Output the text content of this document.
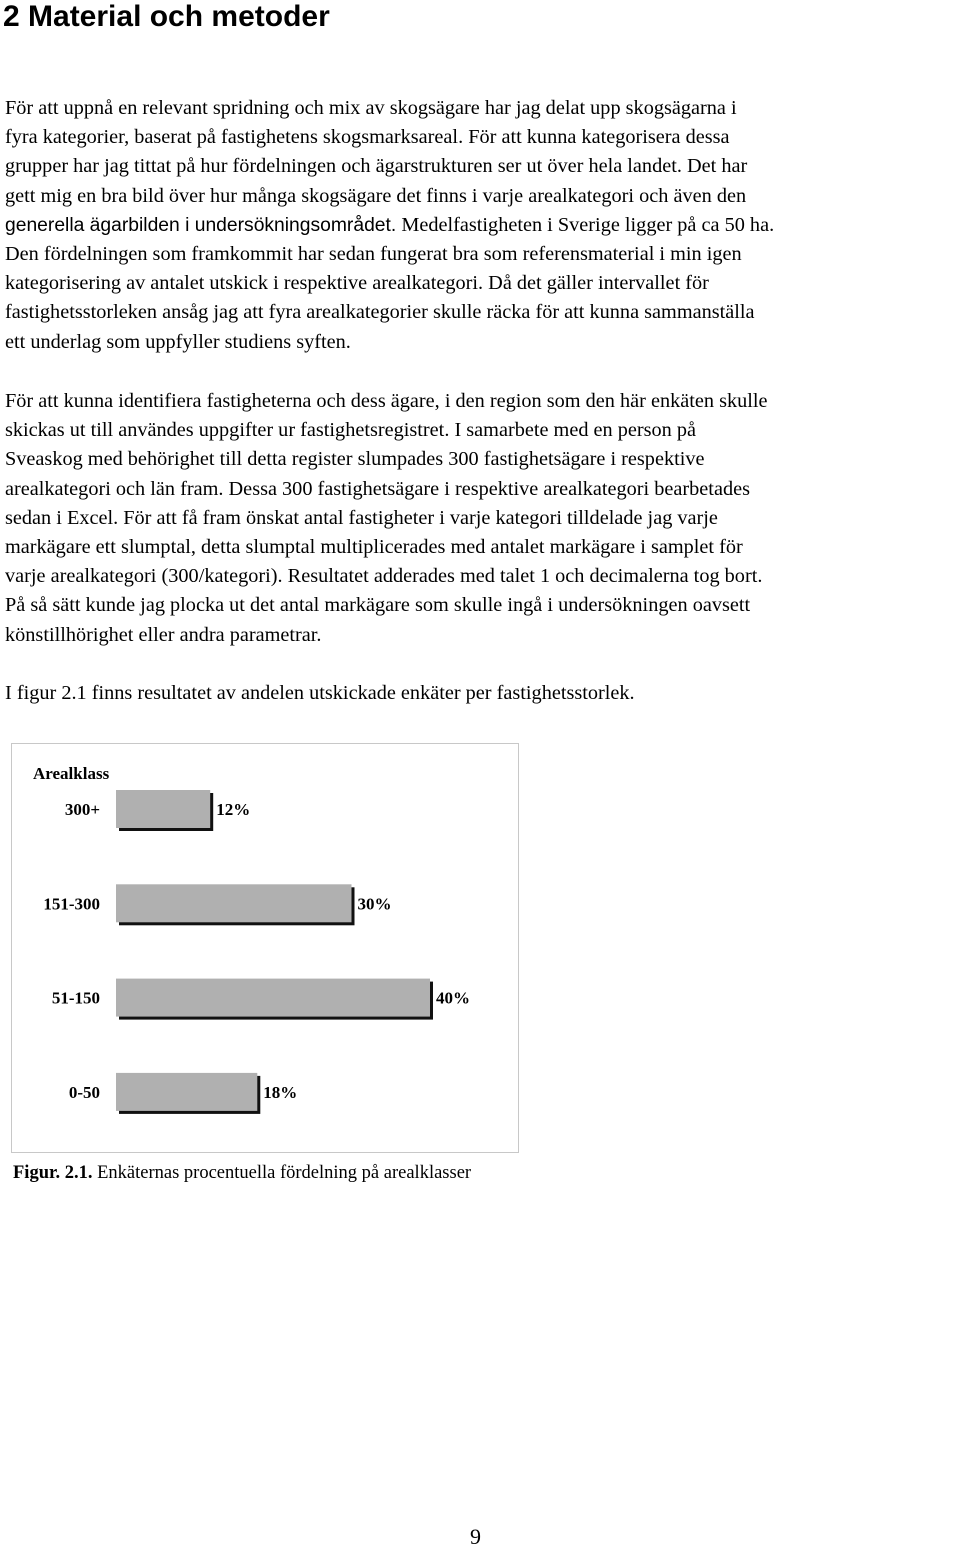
2 Material och metoder
För att uppnå en relevant spridning och mix av skogsägare har jag delat upp skogsägarna i
fyra kategorier, baserat på fastighetens skogsmarksareal. För att kunna kategorisera dessa
grupper har jag tittat på hur fördelningen och ägarstrukturen ser ut över hela landet. Det har
gett mig en bra bild över hur många skogsägare det finns i varje arealkategori och även den
generella ägarbilden i undersökningsområdet. Medelfastigheten i Sverige ligger på ca 50 ha.
Den fördelningen som framkommit har sedan fungerat bra som referensmaterial i min igen
kategorisering av antalet utskick i respektive arealkategori. Då det gäller intervallet för
fastighetsstorleken ansåg jag att fyra arealkategorier skulle räcka för att kunna sammanställa
ett underlag som uppfyller studiens syften.
För att kunna identifiera fastigheterna och dess ägare, i den region som den här enkäten skulle
skickas ut till användes uppgifter ur fastighetsregistret. I samarbete med en person på
Sveaskog med behörighet till detta register slumpades 300 fastighetsägare i respektive
arealkategori och län fram. Dessa 300 fastighetsägare i respektive arealkategori bearbetades
sedan i Excel. För att få fram önskat antal fastigheter i varje kategori tilldelade jag varje
markägare ett slumptal, detta slumptal multiplicerades med antalet markägare i samplet för
varje arealkategori (300/kategori). Resultatet adderades med talet 1 och decimalerna tog bort.
På så sätt kunde jag plocka ut det antal markägare som skulle ingå i undersökningen oavsett
könstillhörighet eller andra parametrar.
I figur 2.1 finns resultatet av andelen utskickade enkäter per fastighetsstorlek.
Arealklass
300+	12%
151-300	30%
51-150	40%
0-50	18%

Figur. 2.1. Enkäternas procentuella fördelning på arealklasser

9
